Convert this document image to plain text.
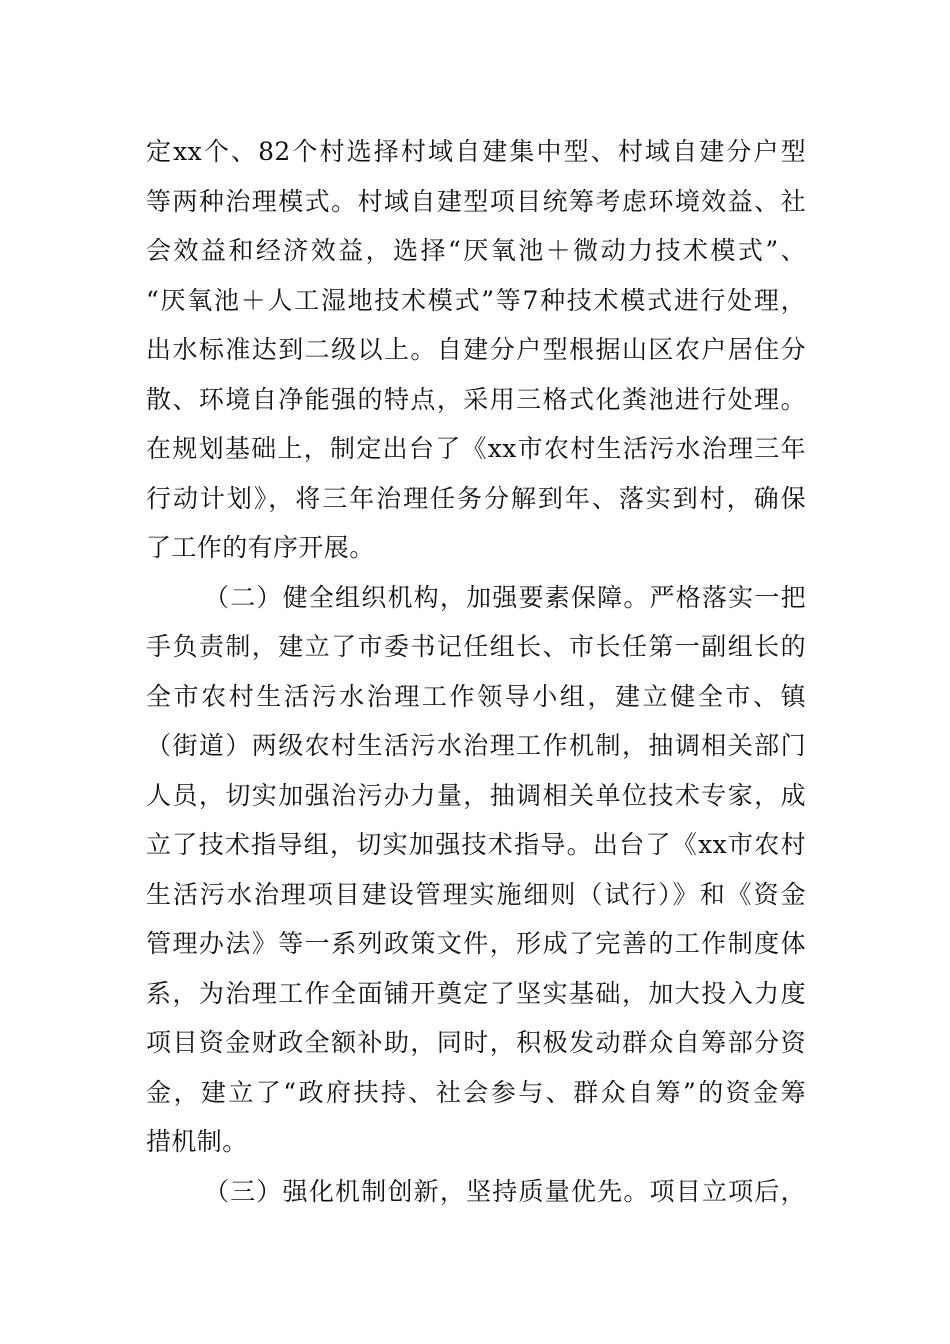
定xx个、82个村选择村域自建集中型、村域自建分户型
等两种治理模式。村域自建型项目统筹考虑环境效益、社
会效益和经济效益，选择“厌氧池＋微动力技术模式”、
“厌氧池＋人工湿地技术模式”等7种技术模式进行处理，
出水标准达到二级以上。自建分户型根据山区农户居住分
散、环境自净能强的特点，采用三格式化粪池进行处理。
在规划基础上，制定出台了《xx市农村生活污水治理三年
行动计划》，将三年治理任务分解到年、落实到村，确保
了工作的有序开展。
（二）健全组织机构，加强要素保障。严格落实一把
手负责制，建立了市委书记任组长、市长任第一副组长的
全市农村生活污水治理工作领导小组，建立健全市、镇
（街道）两级农村生活污水治理工作机制，抽调相关部门
人员，切实加强治污办力量，抽调相关单位技术专家，成
立了技术指导组，切实加强技术指导。出台了《xx市农村
生活污水治理项目建设管理实施细则（试行）》和《资金
管理办法》等一系列政策文件，形成了完善的工作制度体
系，为治理工作全面铺开奠定了坚实基础，加大投入力度
项目资金财政全额补助，同时，积极发动群众自筹部分资
金，建立了“政府扶持、社会参与、群众自筹”的资金筹
措机制。
（三）强化机制创新，坚持质量优先。项目立项后，
